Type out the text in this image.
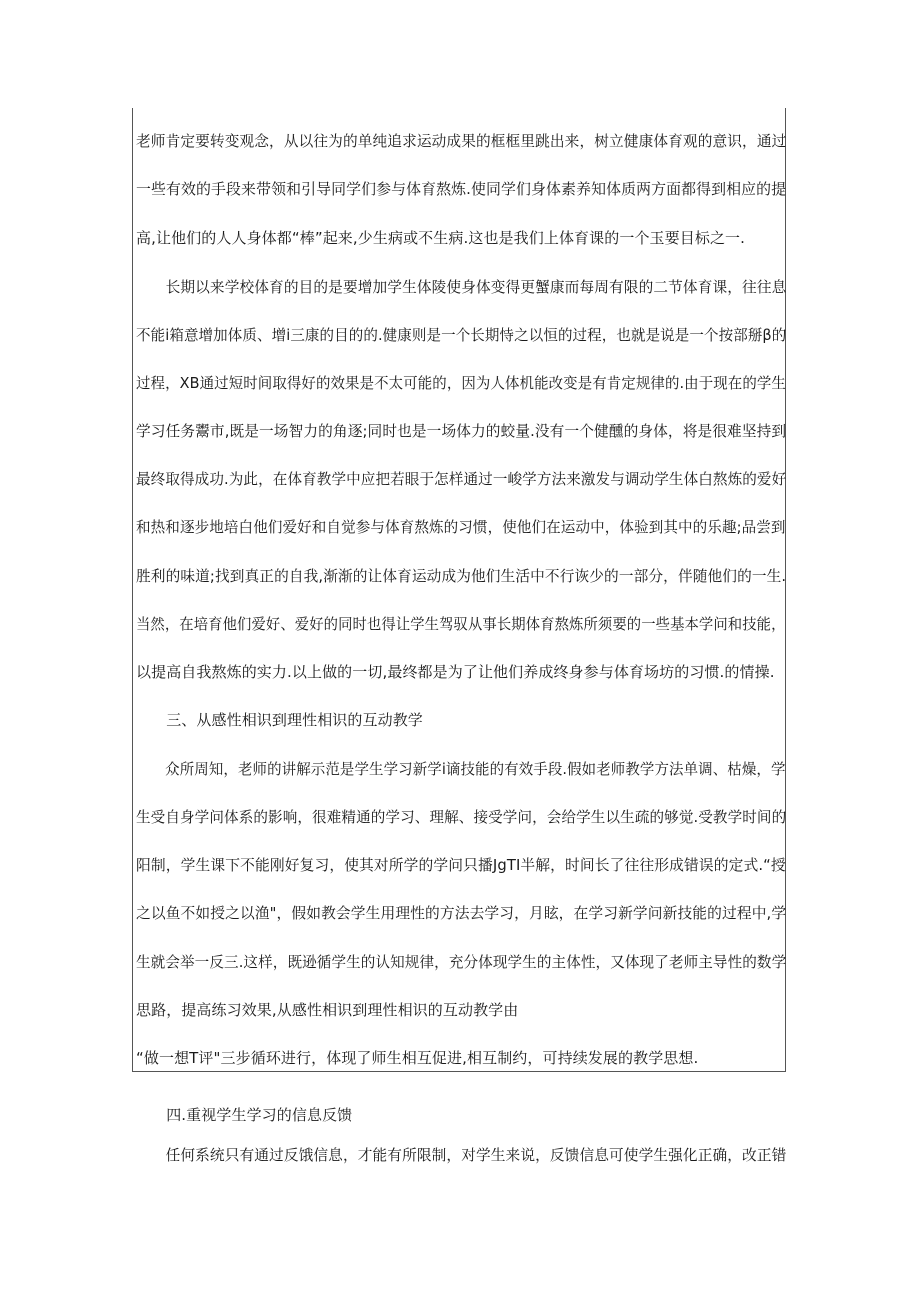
老师肯定要转变观念，从以往为的单纯追求运动成果的框框里跳出来，树立健康体育观的意识，通过
一些有效的手段来带领和引导同学们参与体育熬炼.使同学们身体素养知体质两方面都得到相应的提
高,让他们的人人身体都“棒”起来,少生病或不生病.这也是我们上体育课的一个玉要目标之一.
　　长期以来学校体育的目的是要增加学生体陵使身体变得更蟹康而每周有限的二节体育课，往往息
不能i箱意增加体质、增i三康的目的的.健康则是一个长期恃之以恒的过程，也就是说是一个按部掰β的
过程，XB通过短时间取得好的效果是不太可能的，因为人体机能改变是有肯定规律的.由于现在的学生
学习任务鬻市,既是一场智力的角逐;同时也是一场体力的蛟量.没有一个健醺的身体，将是很难坚持到
最终取得成功.为此，在体育教学中应把若眼于怎样通过一峻学方法来激发与调动学生体白熬炼的爱好
和热和逐步地培白他们爱好和自觉参与体育熬炼的习惯，使他们在运动中，体验到其中的乐趣;品尝到
胜利的味道;找到真正的自我,渐渐的让体育运动成为他们生活中不行诙少的一部分，伴随他们的一生.
当然，在培育他们爱好、爱好的同时也得让学生驾驭从事长期体育熬炼所须要的一些基本学问和技能，
以提高自我熬炼的实力.以上做的一切,最终都是为了让他们养成终身参与体育场坊的习惯.的情操.
　　三、从感性相识到理性相识的互动教学
　　众所周知，老师的讲解示范是学生学习新学i谪技能的有效手段.假如老师教学方法单调、枯燥，学
生受自身学问体系的影响，很难精通的学习、理解、接受学问，会给学生以生疏的够觉.受教学时间的
阳制，学生课下不能刚好复习，使其对所学的学问只播JgTI半解，时间长了往往形成错误的定式.“授
之以鱼不如授之以渔"，假如教会学生用理性的方法去学习，月眩，在学习新学问新技能的过程中,学
生就会举一反三.这样，既逊循学生的认知规律，充分体现学生的主体性，又体现了老师主导性的数学
思路，提高练习效果,从感性相识到理性相识的互动教学由
“做一想T评"三步循环进行，体现了师生相互促进,相互制约，可持续发展的教学思想.
　　四.重视学生学习的信息反馈
　　任何系统只有通过反饿信息，才能有所限制，对学生来说，反馈信息可使学生强化正确，改正错
